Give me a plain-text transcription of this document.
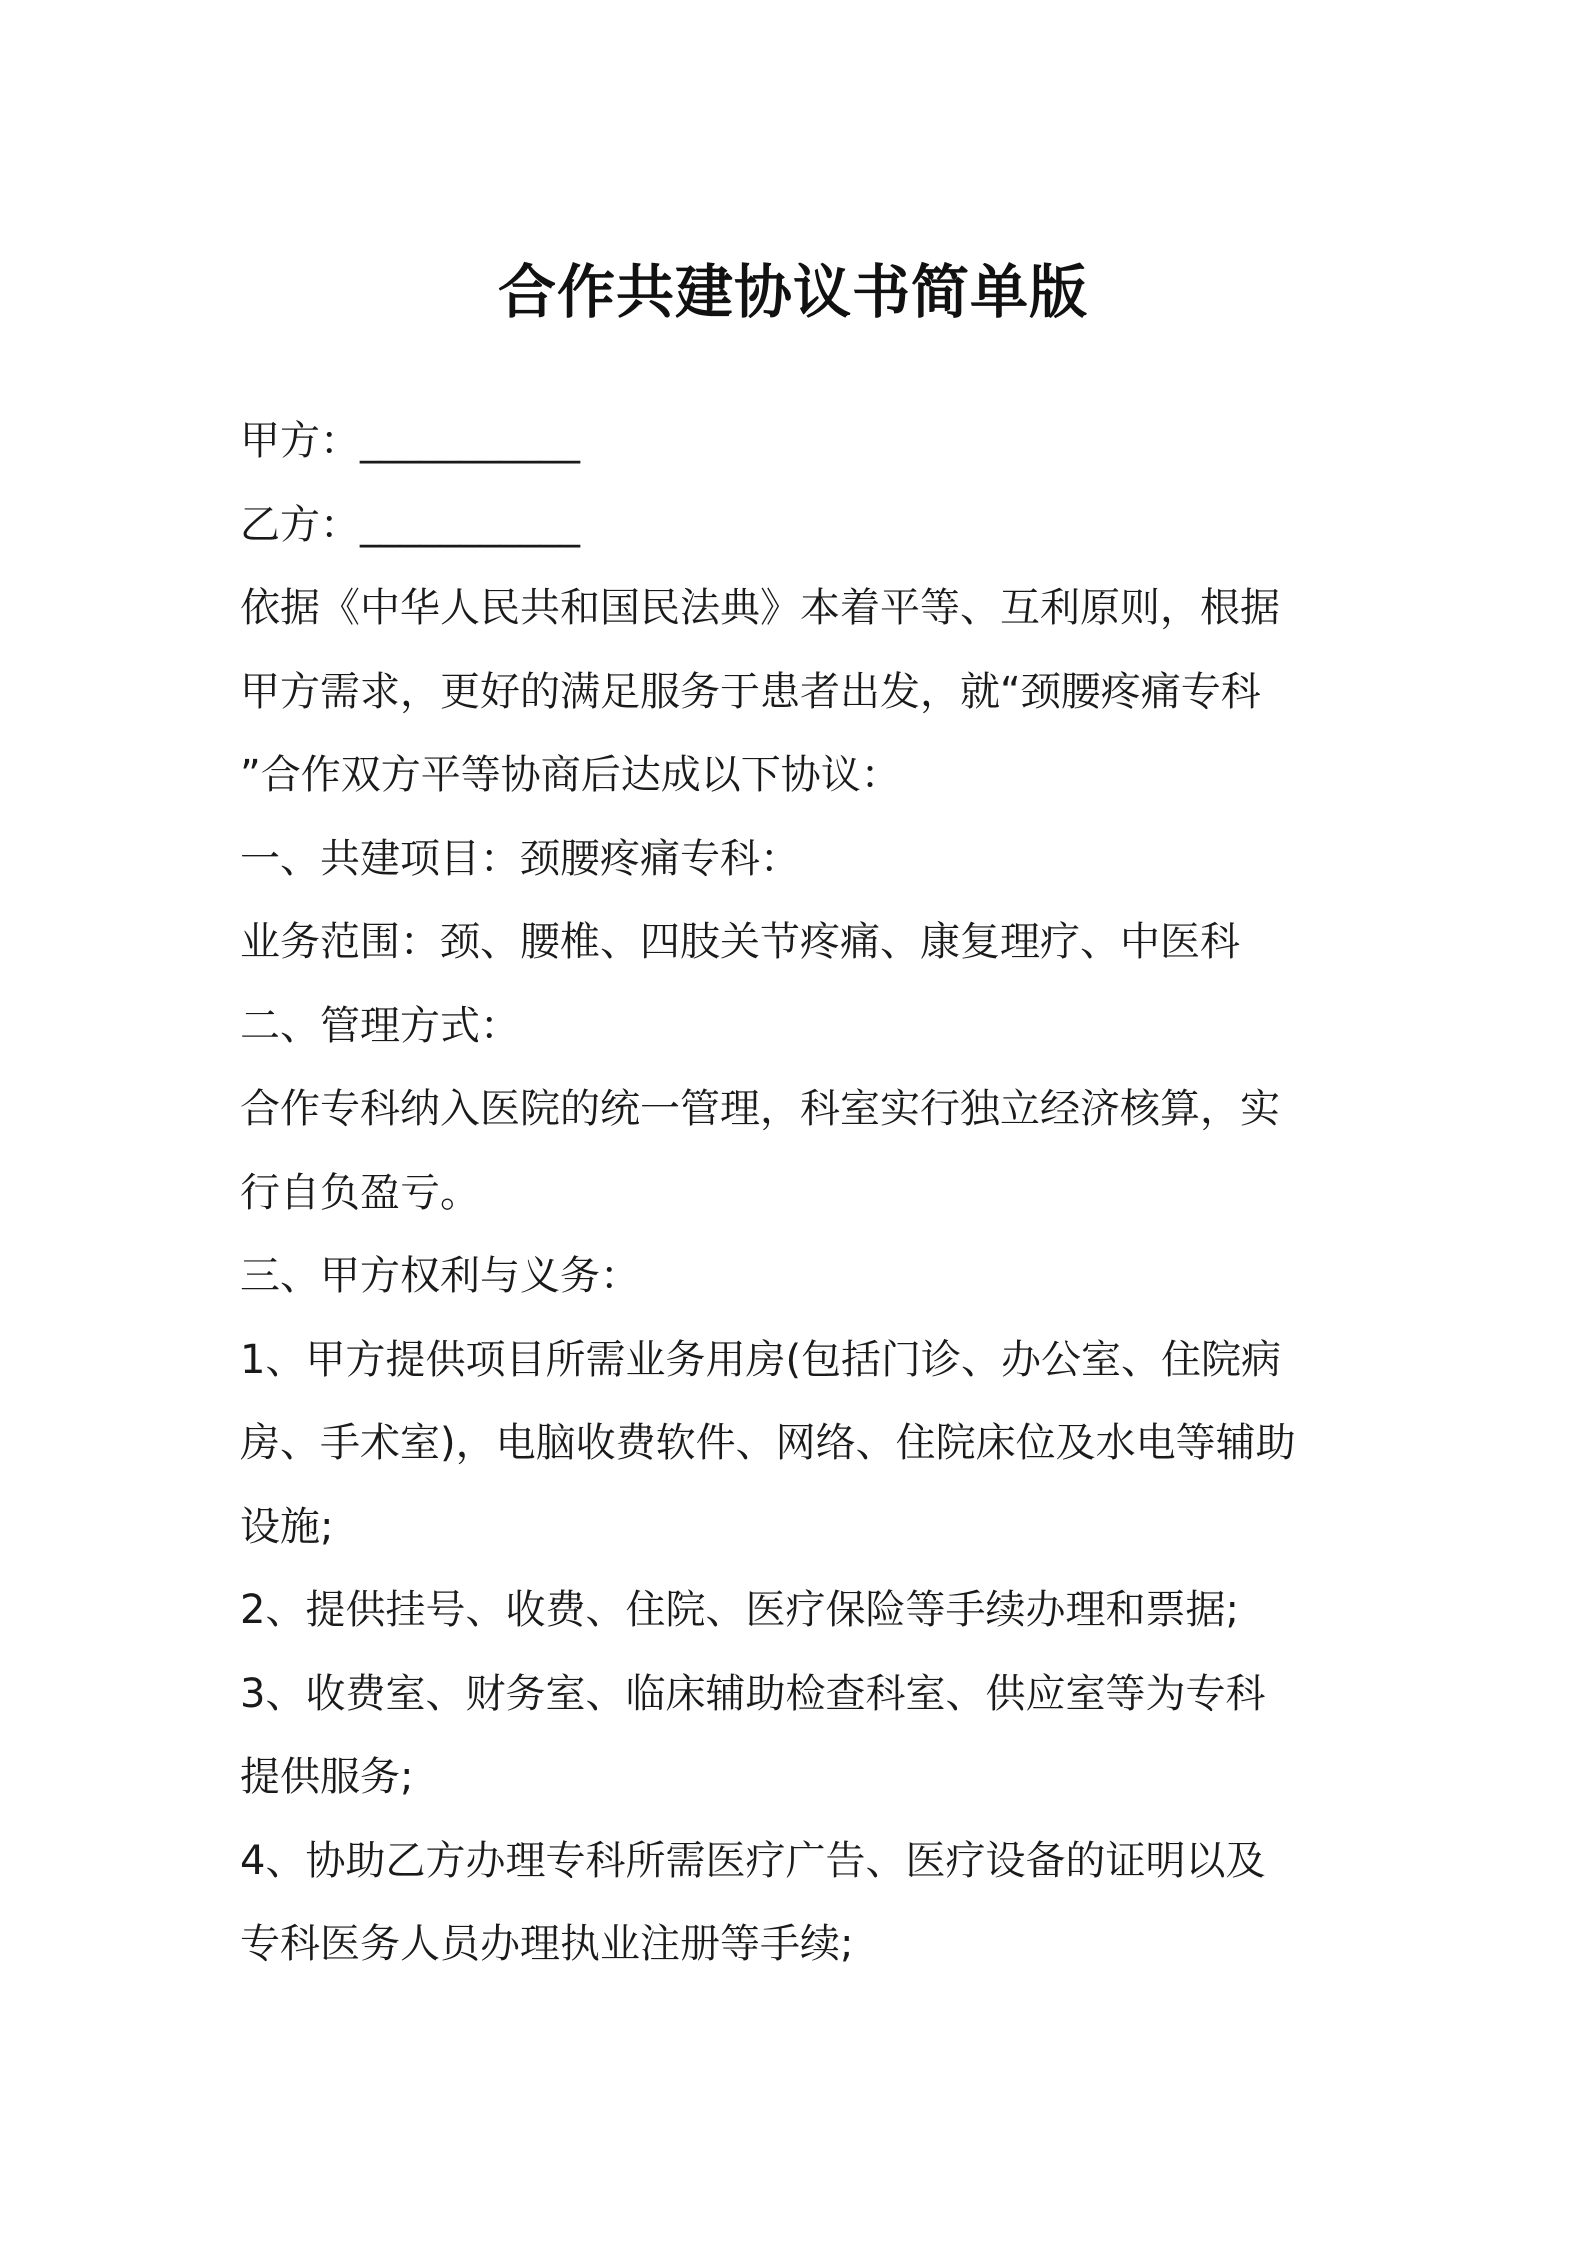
合作共建协议书简单版
甲方：___________
乙方：___________
依据《中华人民共和国民法典》本着平等、互利原则，根据
甲方需求，更好的满足服务于患者出发，就“颈腰疼痛专科
”合作双方平等协商后达成以下协议：
一、共建项目：颈腰疼痛专科：
业务范围：颈、腰椎、四肢关节疼痛、康复理疗、中医科
二、管理方式：
合作专科纳入医院的统一管理，科室实行独立经济核算，实
行自负盈亏。
三、甲方权利与义务：
1、甲方提供项目所需业务用房(包括门诊、办公室、住院病
房、手术室)，电脑收费软件、网络、住院床位及水电等辅助
设施;
2、提供挂号、收费、住院、医疗保险等手续办理和票据;
3、收费室、财务室、临床辅助检查科室、供应室等为专科
提供服务;
4、协助乙方办理专科所需医疗广告、医疗设备的证明以及
专科医务人员办理执业注册等手续;
